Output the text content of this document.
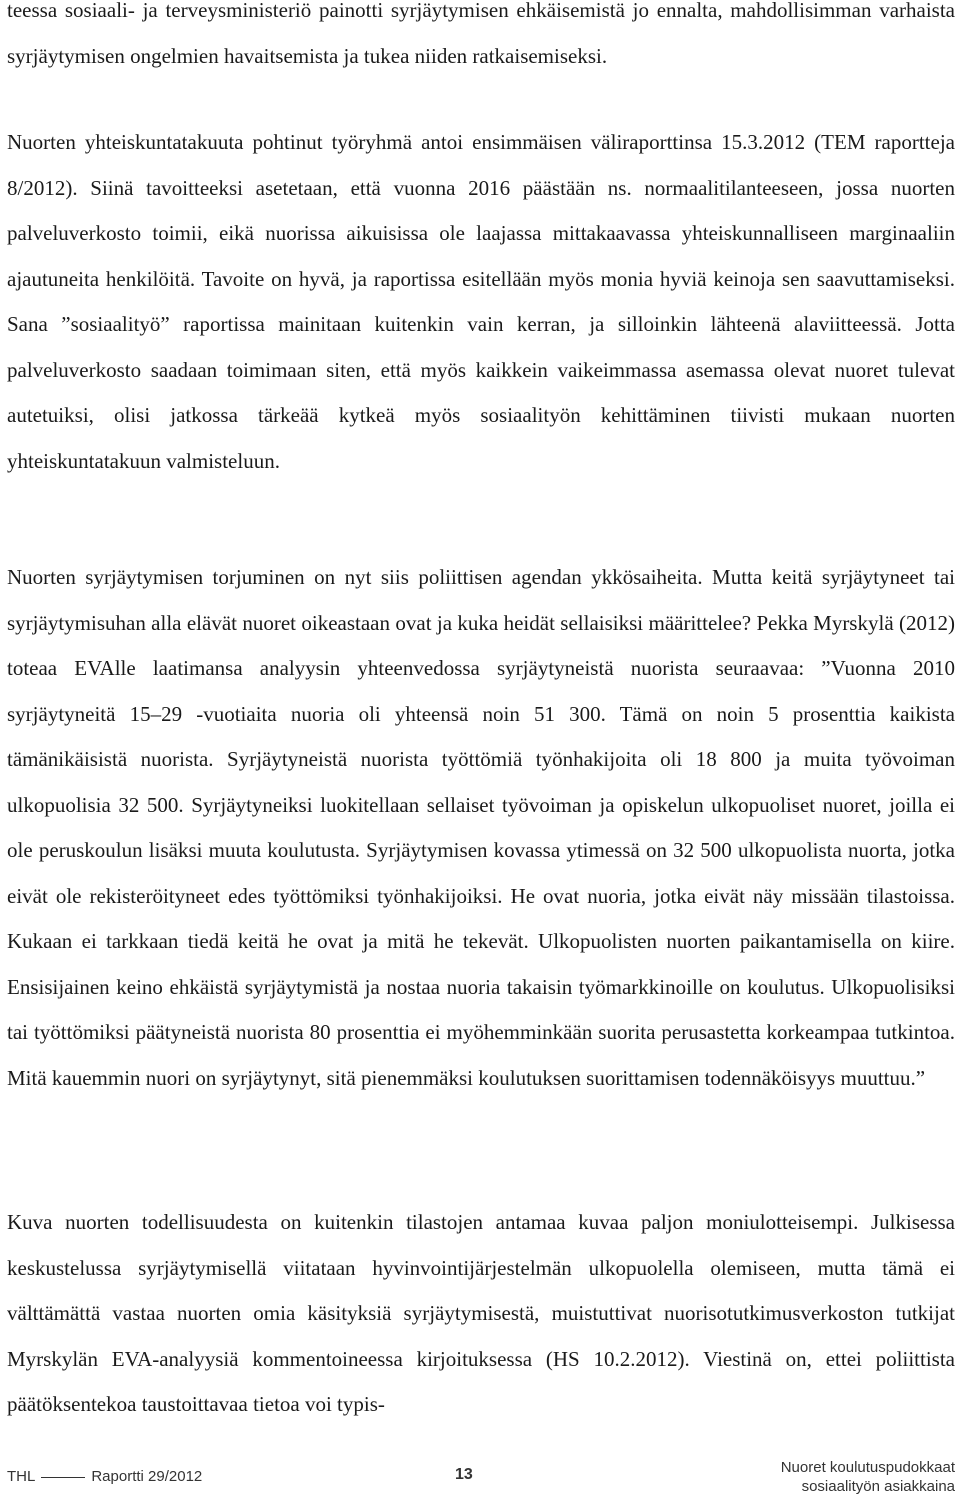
teessa sosiaali- ja terveysministeriö painotti syrjäytymisen ehkäisemistä jo ennalta, mahdollisimman varhaista syrjäytymisen ongelmien havaitsemista ja tukea niiden ratkaisemiseksi.

Nuorten yhteiskuntatakuuta pohtinut työryhmä antoi ensimmäisen väliraporttinsa 15.3.2012 (TEM raportteja 8/2012). Siinä tavoitteeksi asetetaan, että vuonna 2016 päästään ns. normaalitilanteeseen, jossa nuorten palveluverkosto toimii, eikä nuorissa aikuisissa ole laajassa mittakaavassa yhteiskunnalliseen marginaaliin ajautuneita henkilöitä. Tavoite on hyvä, ja raportissa esitellään myös monia hyviä keinoja sen saavuttamiseksi. Sana ”sosiaalityö” raportissa mainitaan kuitenkin vain kerran, ja silloinkin lähteenä alaviitteessä. Jotta palveluverkosto saadaan toimimaan siten, että myös kaikkein vaikeimmassa asemassa olevat nuoret tulevat autetuiksi, olisi jatkossa tärkeää kytkeä myös sosiaalityön kehittäminen tiivisti mukaan nuorten yhteiskuntatakuun valmisteluun.

Nuorten syrjäytymisen torjuminen on nyt siis poliittisen agendan ykkösaiheita. Mutta keitä syrjäytyneet tai syrjäytymisuhan alla elävät nuoret oikeastaan ovat ja kuka heidät sellaisiksi määrittelee? Pekka Myrskylä (2012) toteaa EVAlle laatimansa analyysin yhteenvedossa syrjäytyneistä nuorista seuraavaa: ”Vuonna 2010 syrjäytyneitä 15–29 -vuotiaita nuoria oli yhteensä noin 51 300. Tämä on noin 5 prosenttia kaikista tämänikäisistä nuorista. Syrjäytyneistä nuorista työttömiä työnhakijoita oli 18 800 ja muita työvoiman ulkopuolisia 32 500. Syrjäytyneiksi luokitellaan sellaiset työvoiman ja opiskelun ulkopuoliset nuoret, joilla ei ole peruskoulun lisäksi muuta koulutusta. Syrjäytymisen kovassa ytimessä on 32 500 ulkopuolista nuorta, jotka eivät ole rekisteröityneet edes työttömiksi työnhakijoiksi. He ovat nuoria, jotka eivät näy missään tilastoissa. Kukaan ei tarkkaan tiedä keitä he ovat ja mitä he tekevät. Ulkopuolisten nuorten paikantamisella on kiire. Ensisijainen keino ehkäistä syrjäytymistä ja nostaa nuoria takaisin työmarkkinoille on koulutus. Ulkopuolisiksi tai työttömiksi päätyneistä nuorista 80 prosenttia ei myöhemminkään suorita perusastetta korkeampaa tutkintoa. Mitä kauemmin nuori on syrjäytynyt, sitä pienemmäksi koulutuksen suorittamisen todennäköisyys muuttuu.”

Kuva nuorten todellisuudesta on kuitenkin tilastojen antamaa kuvaa paljon moniulotteisempi. Julkisessa keskustelussa syrjäytymisellä viitataan hyvinvointijärjestelmän ulkopuolella olemiseen, mutta tämä ei välttämättä vastaa nuorten omia käsityksiä syrjäytymisestä, muistuttivat nuorisotutkimusverkoston tutkijat Myrskylän EVA-analyysiä kommentoineessa kirjoituksessa (HS 10.2.2012). Viestinä on, ettei poliittista päätöksentekoa taustoittavaa tietoa voi typis-

THL	Raportti 29/2012	13	Nuoret koulutuspudokkaat
sosiaalityön asiakkaina
